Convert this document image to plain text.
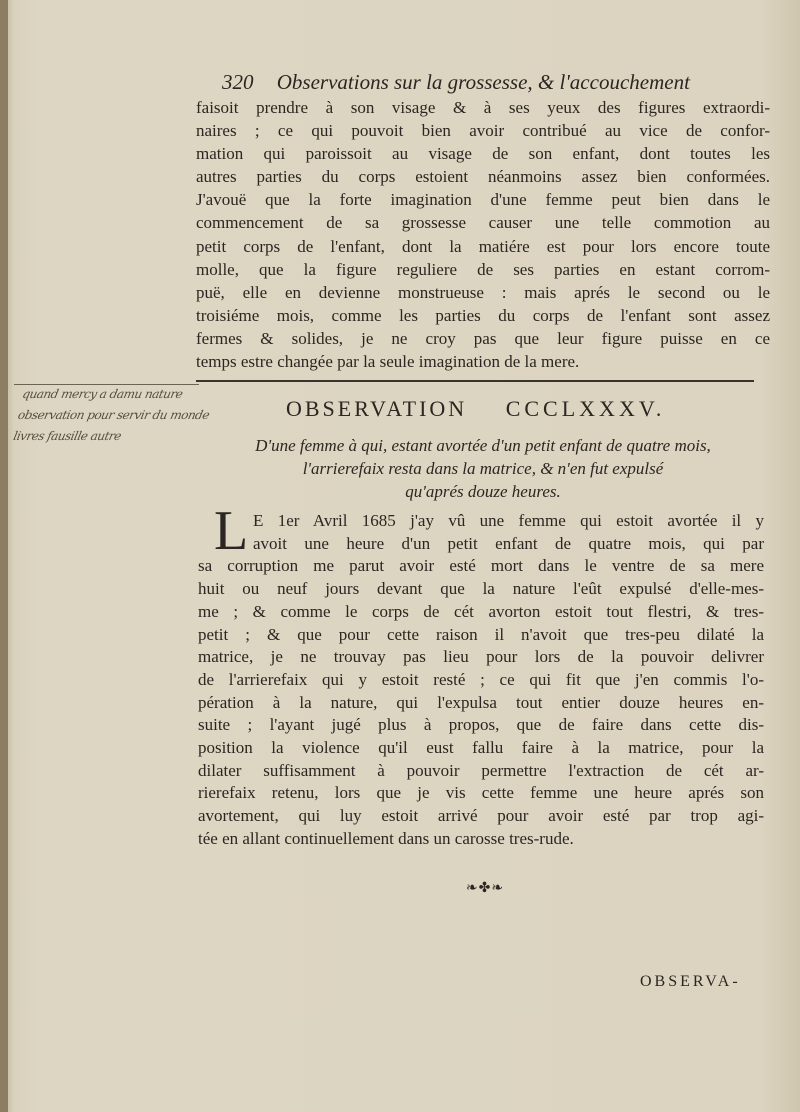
320 Observations sur la grossesse, & l'accouchement
faisoit prendre à son visage & à ses yeux des figures extraordi-
naires ; ce qui pouvoit bien avoir contribué au vice de confor-
mation qui paroissoit au visage de son enfant, dont toutes les
autres parties du corps estoient néanmoins assez bien conformées.
J'avouë que la forte imagination d'une femme peut bien dans le
commencement de sa grossesse causer une telle commotion au
petit corps de l'enfant, dont la matiére est pour lors encore toute
molle, que la figure reguliere de ses parties en estant corrom-
puë, elle en devienne monstrueuse : mais aprés le second ou le
troisiéme mois, comme les parties du corps de l'enfant sont assez
fermes & solides, je ne croy pas que leur figure puisse en ce
temps estre changée par la seule imagination de la mere.
quand mercy a damu nature
observation pour servir du monde
livres fausille autre
OBSERVATION CCCLXXXV.
D'une femme à qui, estant avortée d'un petit enfant de quatre mois,
l'arrierefaix resta dans la matrice, & n'en fut expulsé
qu'aprés douze heures.
L E 1er Avril 1685 j'ay vû une femme qui estoit avortée il y
avoit une heure d'un petit enfant de quatre mois, qui par
sa corruption me parut avoir esté mort dans le ventre de sa mere
huit ou neuf jours devant que la nature l'eût expulsé d'elle-mes-
me ; & comme le corps de cét avorton estoit tout flestri, & tres-
petit ; & que pour cette raison il n'avoit que tres-peu dilaté la
matrice, je ne trouvay pas lieu pour lors de la pouvoir delivrer
de l'arrierefaix qui y estoit resté ; ce qui fit que j'en commis l'o-
pération à la nature, qui l'expulsa tout entier douze heures en-
suite ; l'ayant jugé plus à propos, que de faire dans cette dis-
position la violence qu'il eust fallu faire à la matrice, pour la
dilater suffisamment à pouvoir permettre l'extraction de cét ar-
rierefaix retenu, lors que je vis cette femme une heure aprés son
avortement, qui luy estoit arrivé pour avoir esté par trop agi-
tée en allant continuellement dans un carosse tres-rude.
❧✤❧
OBSERVA-
